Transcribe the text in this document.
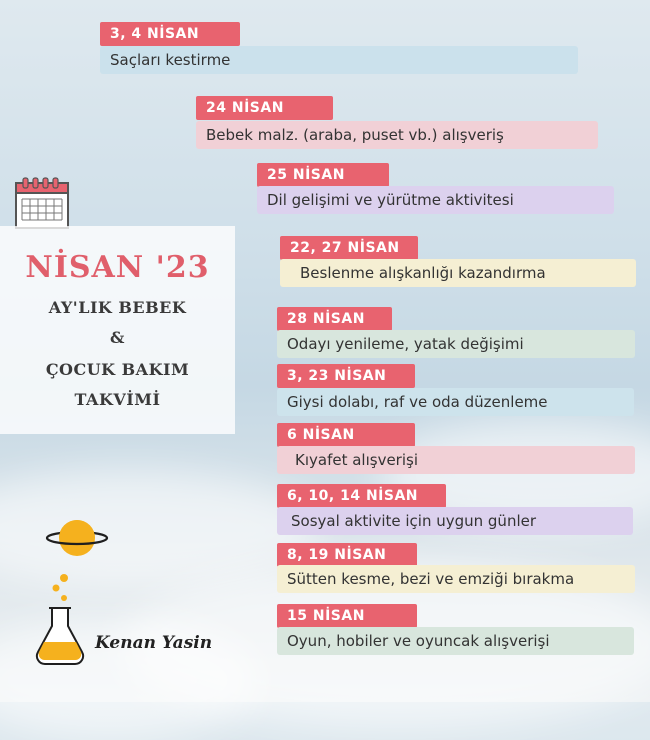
NİSAN '23
AY'LIK BEBEK
&
ÇOCUK BAKIM
TAKVİMİ
3, 4 NİSAN
Saçları kestirme
24 NİSAN
Bebek malz. (araba, puset vb.) alışveriş
25 NİSAN
Dil gelişimi ve yürütme aktivitesi
22, 27 NİSAN
Beslenme alışkanlığı kazandırma
28 NİSAN
Odayı yenileme, yatak değişimi
3, 23 NİSAN
Giysi dolabı, raf ve oda düzenleme
6 NİSAN
Kıyafet alışverişi
6, 10, 14 NİSAN
Sosyal aktivite için uygun günler
8, 19 NİSAN
Sütten kesme, bezi ve emziği bırakma
15 NİSAN
Oyun, hobiler ve oyuncak alışverişi
Kenan Yasin
